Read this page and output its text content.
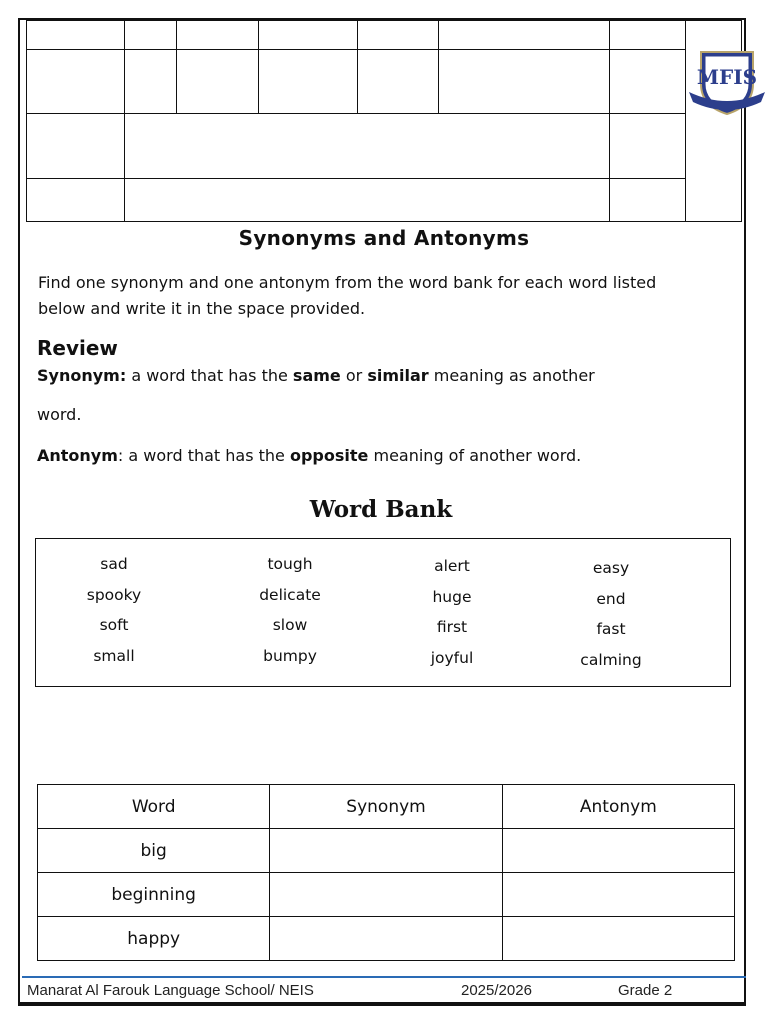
MFIS
Synonyms and Antonyms
Find one synonym and one antonym from the word bank for each word listed below and write it in the space provided.
Review
Synonym: a word that has the same or similar meaning as another
word.
Antonym: a word that has the opposite meaning of another word.
Word Bank
sad
spooky
soft
small
tough
delicate
slow
bumpy
alert
huge
first
joyful
easy
end
fast
calming
Word	Synonym	Antonym
big		
beginning		
happy		
Manarat Al Farouk Language School/ NEIS	2025/2026	Grade 2
